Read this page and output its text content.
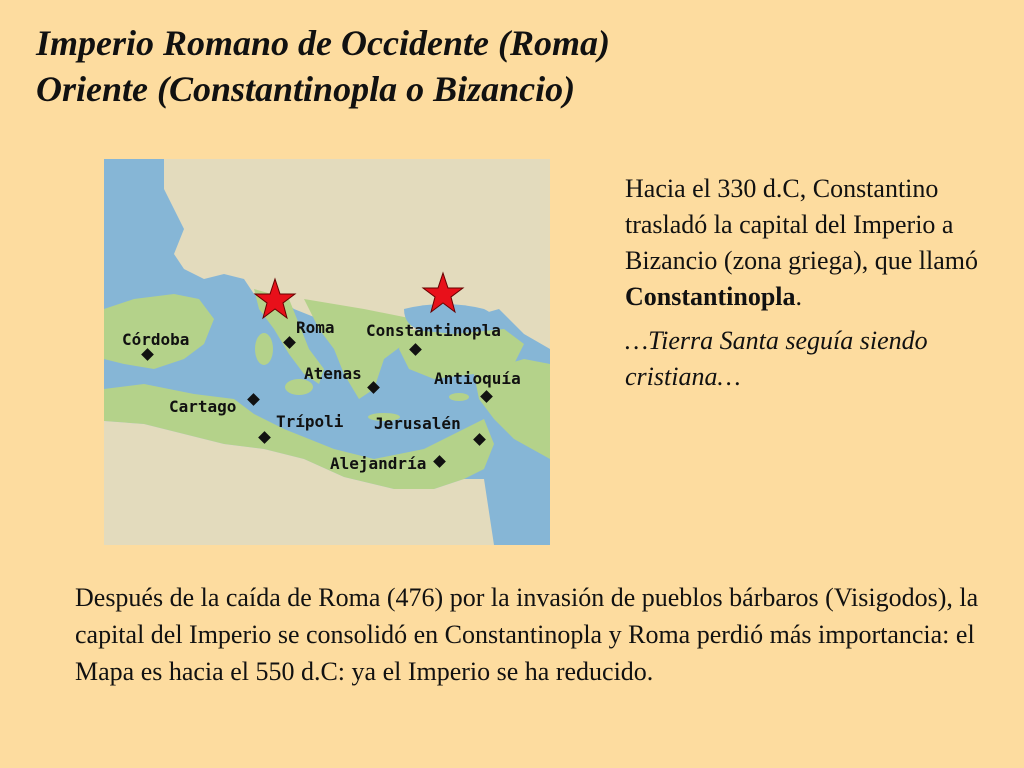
Imperio Romano de Occidente (Roma)
Oriente (Constantinopla o Bizancio)
Córdoba
Roma Constantinopla
Antioquía
Atenas
Cartago
Trípoli Jerusalén
Alejandría

Hacia el 330 d.C, Constantino trasladó la capital del Imperio a Bizancio (zona griega), que llamó Constantinopla.

…Tierra Santa seguía siendo cristiana…

Después de la caída de Roma (476) por la invasión de pueblos bárbaros (Visigodos), la capital del Imperio se consolidó en Constantinopla y Roma perdió más importancia: el Mapa es hacia el 550 d.C: ya el Imperio se ha reducido.
